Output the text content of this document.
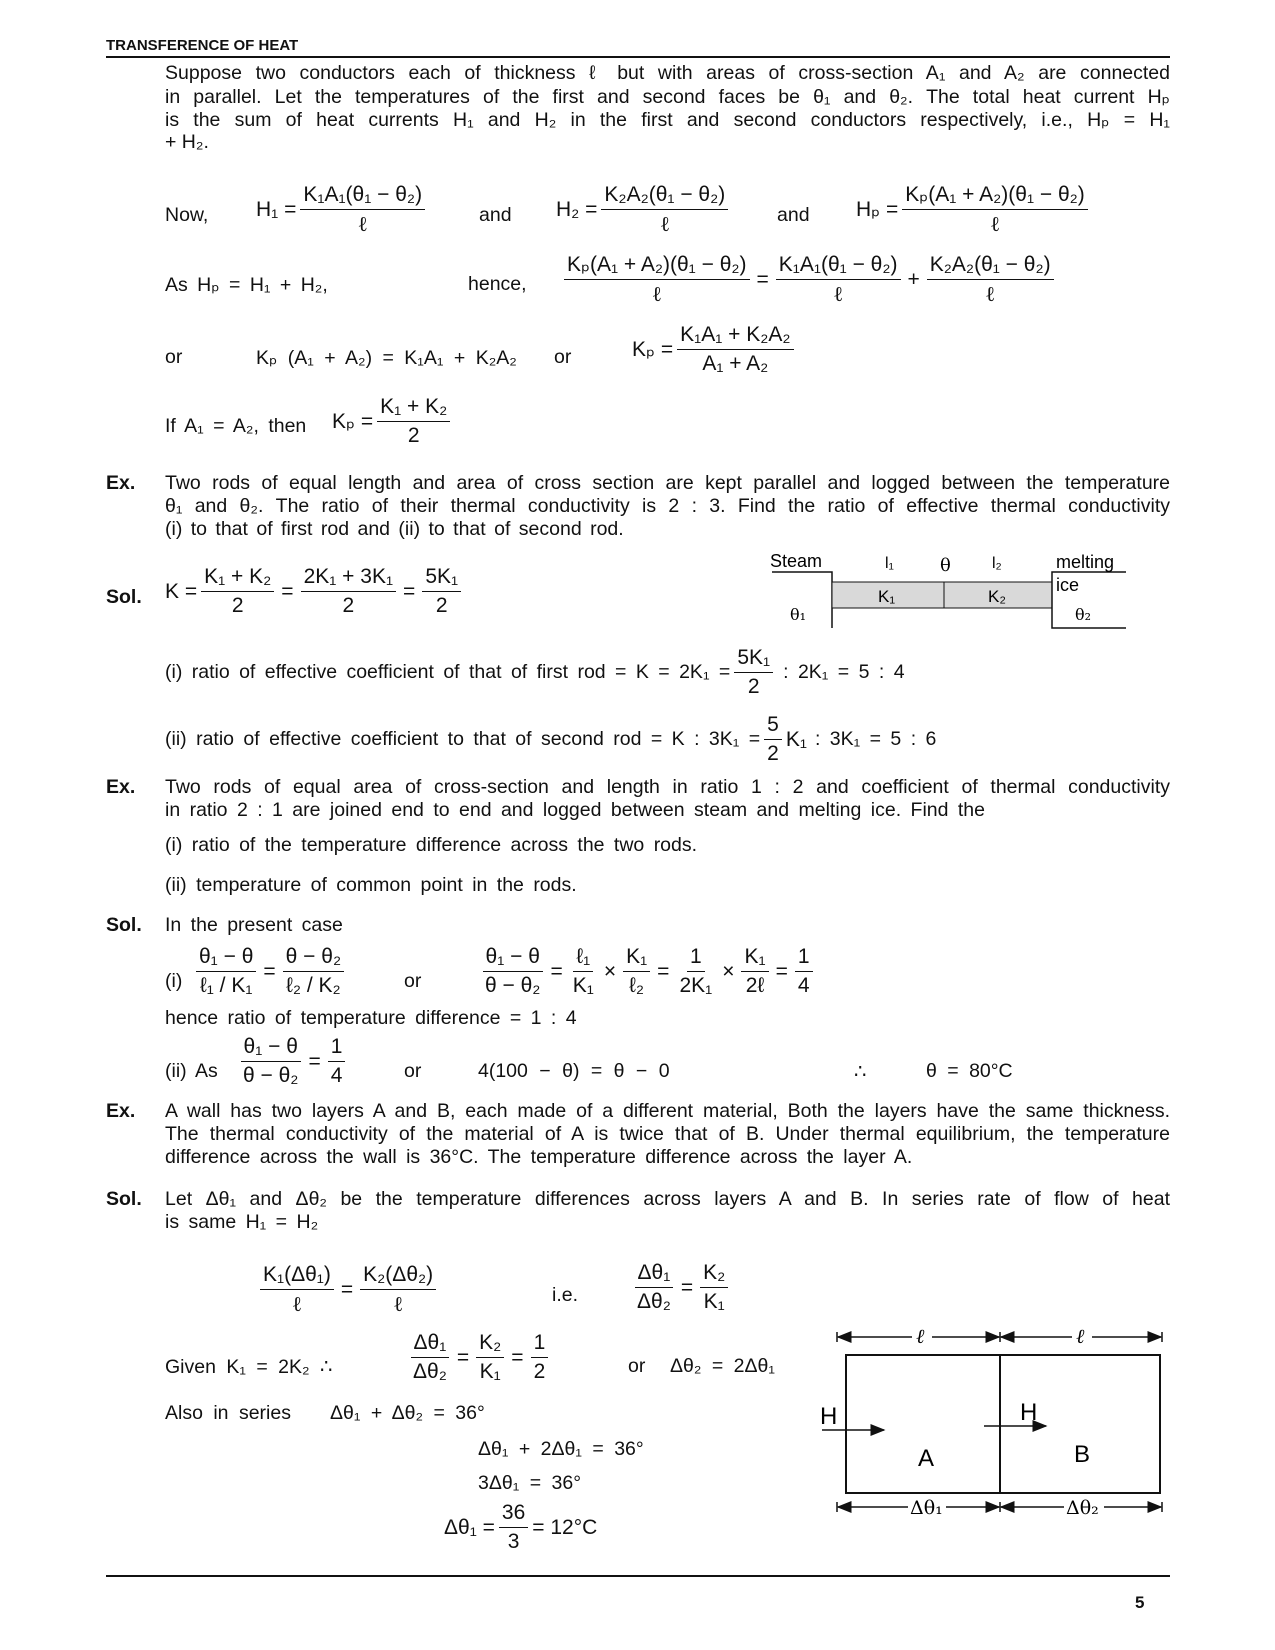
TRANSFERENCE OF HEAT
Suppose two conductors each of thickness ℓ but with areas of cross-section A₁ and A₂ are connected
in parallel. Let the temperatures of the first and second faces be θ₁ and θ₂. The total heat current Hₚ
is the sum of heat currents H₁ and H₂ in the first and second conductors respectively, i.e., Hₚ = H₁
+ H₂.
Now, $H_1 = \frac{\text{K₁A₁(θ₁ − θ₂)}}{\text{ℓ}}$	and $H_2 = \frac{\text{K₂A₂(θ₁ − θ₂)}}{\text{ℓ}}$ and $H_p = \frac{\text{Kₚ(A₁ + A₂)(θ₁ − θ₂)}}{\text{ℓ}}$
As Hₚ = H₁ + H₂,	hence, $\frac{\text{Kₚ(A₁ + A₂)(θ₁ − θ₂)}}{\text{ℓ}} = \frac{\text{K₁A₁(θ₁ − θ₂)}}{\text{ℓ}} + \frac{\text{K₂A₂(θ₁ − θ₂)}}{\text{ℓ}}$
or	Kₚ (A₁ + A₂) = K₁A₁ + K₂A₂ or	$K_p = \frac{\text{K₁A₁ + K₂A₂}}{\text{A₁ + A₂}}$
If A₁ = A₂, then $K_p = \frac{\text{K₁ + K₂}}{2}$
Ex. Two rods of equal length and area of cross section are kept parallel and logged between the temperature
θ₁ and θ₂. The ratio of their thermal conductivity is 2 : 3. Find the ratio of effective thermal conductivity
(i) to that of first rod and (ii) to that of second rod.
Sol. $K = \frac{\text{K₁ + K₂}}{2} = \frac{\text{2K₁ + 3K₁}}{2} = \frac{\text{5K₁}}{2}$
Steam
θ₁
l₁	θ	l₂
K₁	K₂
melting
ice
θ₂
(i) ratio of effective coefficient of that of first rod = $K = 2K_1 = \frac{\text{5K₁}}{2}$ : 2K₁ = 5 : 4
(ii) ratio of effective coefficient to that of second rod = K : $3K_1 = \frac{5}{2} K_1$ : 3K₁ = 5 : 6
Ex. Two rods of equal area of cross-section and length in ratio 1 : 2 and coefficient of thermal conductivity
in ratio 2 : 1 are joined end to end and logged between steam and melting ice. Find the
(i) ratio of the temperature difference across the two rods.
(ii) temperature of common point in the rods.
Sol. In the present case
$(i) \frac{\text{θ₁ − θ}}{\text{ℓ₁ / K₁}} = \frac{\text{θ − θ₂}}{\text{ℓ₂ / K₂}}$	or	$\frac{\text{θ₁ − θ}}{\text{θ − θ₂}} = \frac{\text{ℓ₁}}{\text{K₁}} \times \frac{\text{K₁}}{\text{ℓ₂}} = \frac{1}{\text{2K₁}} \times \frac{\text{K₁}}{\text{2ℓ}} = \frac{1}{4}$
hence ratio of temperature difference = 1 : 4
(ii) As $\frac{\text{θ₁ − θ}}{\text{θ − θ₂}} = \frac{1}{4}$	or	4(100 − θ) = θ − 0	∴	θ = 80°C
Ex. A wall has two layers A and B, each made of a different material, Both the layers have the same thickness.
The thermal conductivity of the material of A is twice that of B. Under thermal equilibrium, the temperature
difference across the wall is 36°C. The temperature difference across the layer A.
Sol. Let Δθ₁ and Δθ₂ be the temperature differences across layers A and B. In series rate of flow of heat
is same H₁ = H₂
$\frac{\text{K₁(Δθ₁)}}{\text{ℓ}} = \frac{\text{K₂(Δθ₂)}}{\text{ℓ}}$	i.e.	$\frac{\text{Δθ₁}}{\text{Δθ₂}} = \frac{\text{K₂}}{\text{K₁}}$
Given K₁ = 2K₂ ∴	$\frac{\text{Δθ₁}}{\text{Δθ₂}} = \frac{\text{K₂}}{\text{K₁}} = \frac{1}{2}$	or Δθ₂ = 2Δθ₁
Also in series Δθ₁ + Δθ₂ = 36°
Δθ₁ + 2Δθ₁ = 36°
3Δθ₁ = 36°
$\Delta\theta_1 = \frac{36}{3} = 12^\circ C$
ℓ	ℓ
H	H
A	B
Δθ₁	Δθ₂
5
